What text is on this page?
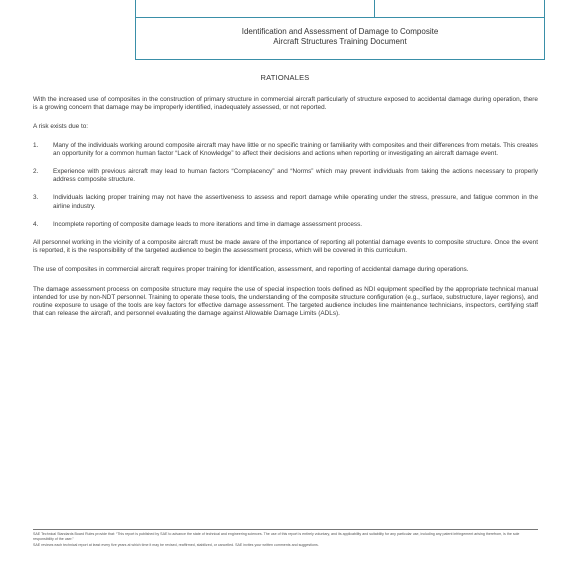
Identification and Assessment of Damage to Composite
Aircraft Structures Training Document
RATIONALES

With the increased use of composites in the construction of primary structure in commercial aircraft particularly of structure exposed to accidental damage during operation, there is a growing concern that damage may be improperly identified, inadequately assessed, or not reported.

A risk exists due to:

1. Many of the individuals working around composite aircraft may have little or no specific training or familiarity with composites and their differences from metals. This creates an opportunity for a common human factor “Lack of Knowledge” to affect their decisions and actions when reporting or investigating an aircraft damage event.
2. Experience with previous aircraft may lead to human factors “Complacency” and “Norms” which may prevent individuals from taking the actions necessary to properly address composite structure.
3. Individuals lacking proper training may not have the assertiveness to assess and report damage while operating under the stress, pressure, and fatigue common in the airline industry.
4. Incomplete reporting of composite damage leads to more iterations and time in damage assessment process.

All personnel working in the vicinity of a composite aircraft must be made aware of the importance of reporting all potential damage events to composite structure. Once the event is reported, it is the responsibility of the targeted audience to begin the assessment process, which will be covered in this curriculum.

The use of composites in commercial aircraft requires proper training for identification, assessment, and reporting of accidental damage during operations.

The damage assessment process on composite structure may require the use of special inspection tools defined as NDI equipment specified by the appropriate technical manual intended for use by non-NDT personnel. Training to operate these tools, the understanding of the composite structure configuration (e.g., surface, substructure, layer regions), and routine exposure to usage of the tools are key factors for effective damage assessment. The targeted audience includes line maintenance technicians, inspectors, certifying staff that can release the aircraft, and personnel evaluating the damage against Allowable Damage Limits (ADLs).

SAE Technical Standards Board Rules provide that: “This report is published by SAE to advance the state of technical and engineering sciences. The use of this report is entirely voluntary, and its applicability and suitability for any particular use, including any patent infringement arising therefrom, is the sole responsibility of the user.”

SAE reviews each technical report at least every five years at which time it may be revised, reaffirmed, stabilized, or cancelled. SAE invites your written comments and suggestions.
